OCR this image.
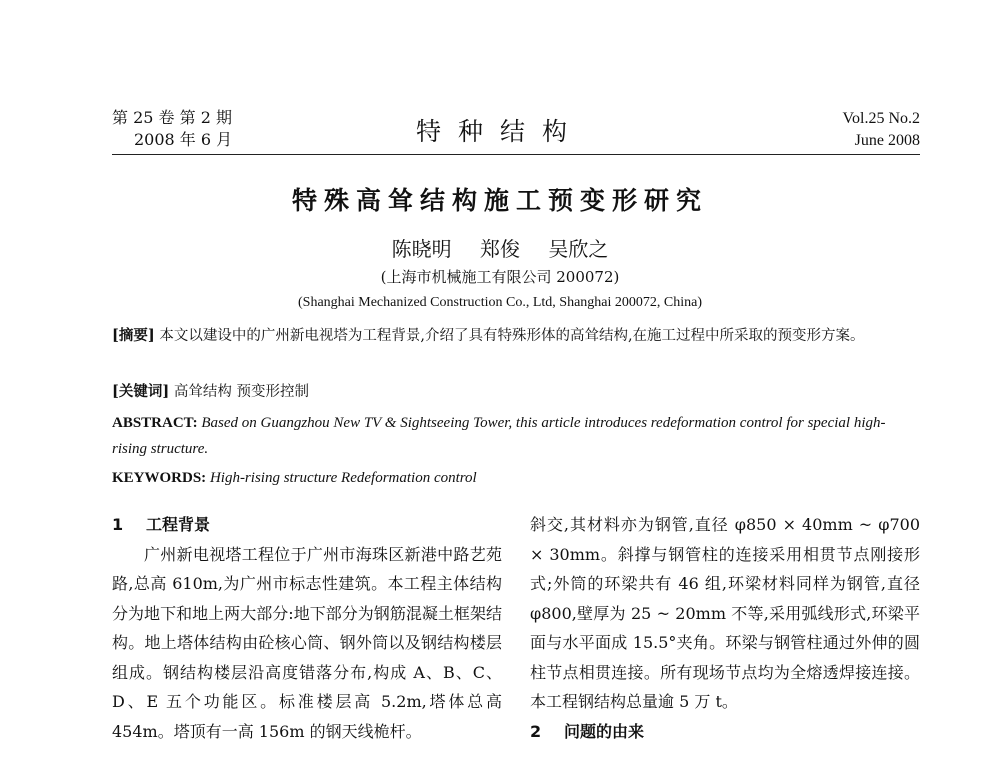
第 25 卷 第 2 期
2008 年 6 月	特种结构	Vol.25 No.2
June 2008
特殊高耸结构施工预变形研究
陈晓明 郑俊 吴欣之
(上海市机械施工有限公司 200072)
(Shanghai Mechanized Construction Co., Ltd, Shanghai 200072, China)
[摘要] 本文以建设中的广州新电视塔为工程背景,介绍了具有特殊形体的高耸结构,在施工过程中所采取的预变形方案。
[关键词] 高耸结构 预变形控制
ABSTRACT: Based on Guangzhou New TV & Sightseeing Tower, this article introduces redeformation control for special high-rising structure.
KEYWORDS: High-rising structure Redeformation control
1 工程背景

广州新电视塔工程位于广州市海珠区新港中路艺苑路,总高 610m,为广州市标志性建筑。本工程主体结构分为地下和地上两大部分:地下部分为钢筋混凝土框架结构。地上塔体结构由砼核心筒、钢外筒以及钢结构楼层组成。钢结构楼层沿高度错落分布,构成 A、B、C、D、E 五个功能区。标准楼层高 5.2m,塔体总高 454m。塔顶有一高 156m 的钢天线桅杆。

斜交,其材料亦为钢管,直径 φ850 × 40mm ~ φ700 × 30mm。斜撑与钢管柱的连接采用相贯节点刚接形式;外筒的环梁共有 46 组,环梁材料同样为钢管,直径 φ800,壁厚为 25 ~ 20mm 不等,采用弧线形式,环梁平面与水平面成 15.5°夹角。环梁与钢管柱通过外伸的圆柱节点相贯连接。所有现场节点均为全熔透焊接连接。本工程钢结构总量逾 5 万 t。

2 问题的由来
